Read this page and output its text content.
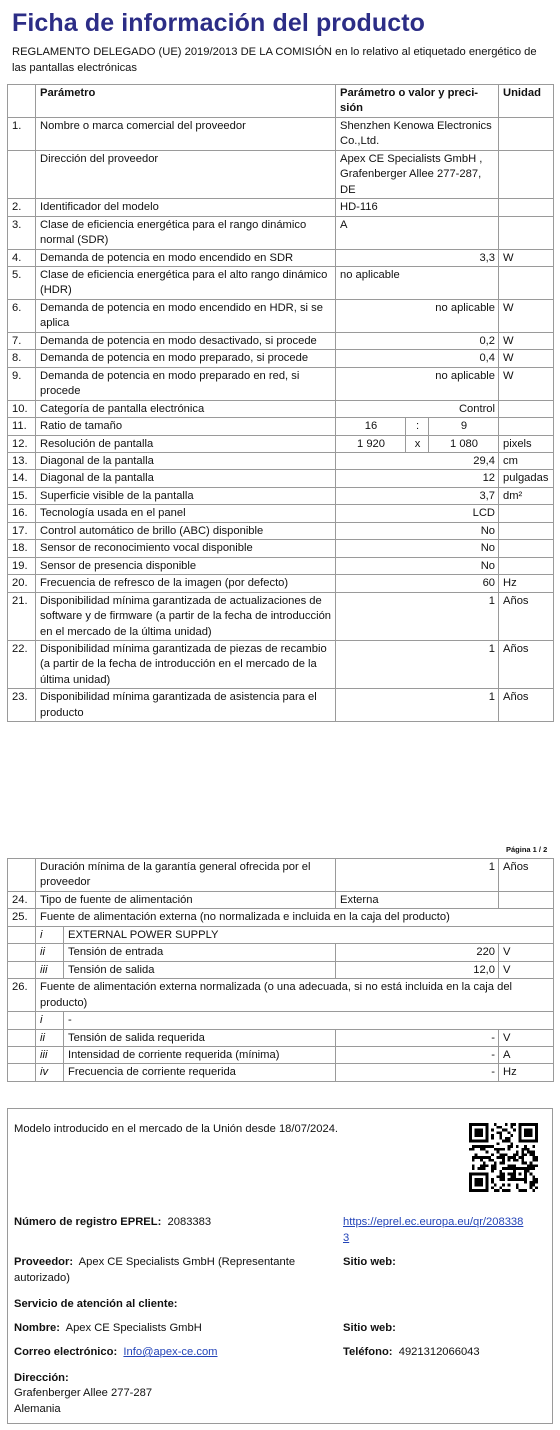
Ficha de información del producto
REGLAMENTO DELEGADO (UE) 2019/2013 DE LA COMISIÓN en lo relativo al etiquetado energético de las pantallas electrónicas
	Parámetro	Parámetro o valor y preci-sión			Unidad
1.	Nombre o marca comercial del proveedor	Shenzhen Kenowa Electronics Co.,Ltd.			
	Dirección del proveedor	Apex CE Specialists GmbH , Grafenberger Allee 277-287, DE			
2.	Identificador del modelo	HD-116			
3.	Clase de eficiencia energética para el rango dinámico normal (SDR)	A			
4.	Demanda de potencia en modo encendido en SDR	3,3			W
5.	Clase de eficiencia energética para el alto rango dinámico (HDR)	no aplicable			
6.	Demanda de potencia en modo encendido en HDR, si se aplica	no aplicable			W
7.	Demanda de potencia en modo desactivado, si procede	0,2			W
8.	Demanda de potencia en modo preparado, si procede	0,4			W
9.	Demanda de potencia en modo preparado en red, si procede	no aplicable			W
10.	Categoría de pantalla electrónica	Control			
11.	Ratio de tamaño	16	:	9	
12.	Resolución de pantalla	1 920	x	1 080	pixels
13.	Diagonal de la pantalla	29,4			cm
14.	Diagonal de la pantalla	12			pulgadas
15.	Superficie visible de la pantalla	3,7			dm²
16.	Tecnología usada en el panel	LCD			
17.	Control automático de brillo (ABC) disponible	No			
18.	Sensor de reconocimiento vocal disponible	No			
19.	Sensor de presencia disponible	No			
20.	Frecuencia de refresco de la imagen (por defecto)	60			Hz
21.	Disponibilidad mínima garantizada de actualizaciones de software y de firmware (a partir de la fecha de introducción en el mercado de la última unidad)	1			Años
22.	Disponibilidad mínima garantizada de piezas de recambio (a partir de la fecha de introducción en el mercado de la última unidad)	1			Años
23.	Disponibilidad mínima garantizada de asistencia para el producto	1			Años
Página 1 / 2
	Duración mínima de la garantía general ofrecida por el proveedor		1	Años
24.	Tipo de fuente de alimentación		Externa	
25.	Fuente de alimentación externa (no normalizada e incluida en la caja del producto)			
	i	EXTERNAL POWER SUPPLY		
	ii	Tensión de entrada	220	V
	iii	Tensión de salida	12,0	V
26.	Fuente de alimentación externa normalizada (o una adecuada, si no está incluida en la caja del producto)			
	i	-		
	ii	Tensión de salida requerida	-	V
	iii	Intensidad de corriente requerida (mínima)	-	A
	iv	Frecuencia de corriente requerida	-	Hz
Modelo introducido en el mercado de la Unión desde 18/07/2024.
Número de registro EPREL: 2083383	https://eprel.ec.europa.eu/qr/2083383
Proveedor: Apex CE Specialists GmbH (Representante autorizado)
Sitio web:
Servicio de atención al cliente:
Nombre: Apex CE Specialists GmbH	Sitio web:
Correo electrónico: Info@apex-ce.com	Teléfono: 4921312066043
Dirección:
Grafenberger Allee 277-287
Alemania
